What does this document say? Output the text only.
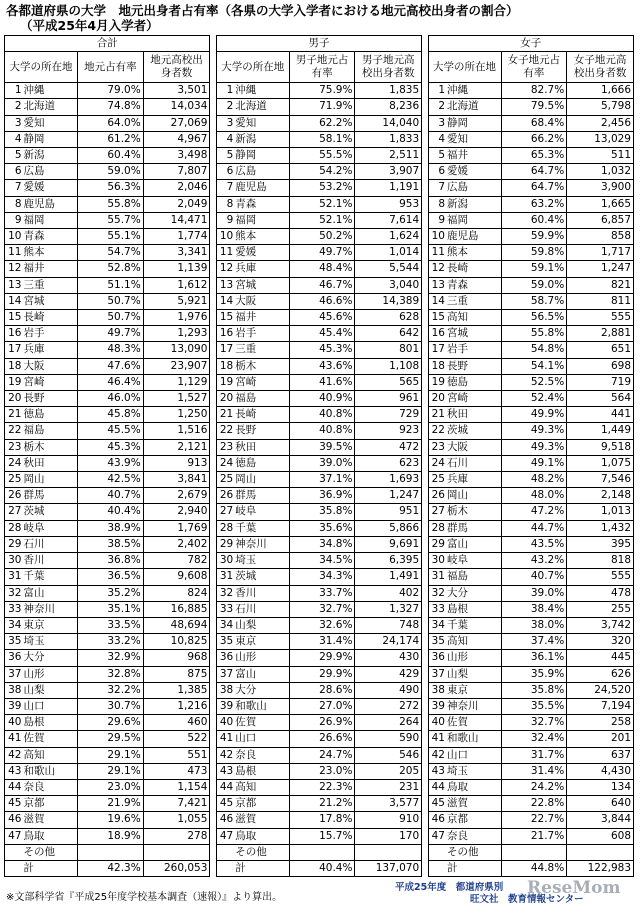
各都道府県の大学　地元出身者占有率（各県の大学入学者における地元高校出身者の割合）
（平成25年4月入学者）
合計					男子					女子			
大学の所在地		地元占有率	地元高校出身者数		大学の所在地		男子地元占有率	男子地元高校出身者数		大学の所在地		女子地元占有率	女子地元高校出身者数
1	沖縄	79.0%	3,501		1	沖縄	75.9%	1,835		1	沖縄	82.7%	1,666
2	北海道	74.8%	14,034		2	北海道	71.9%	8,236		2	北海道	79.5%	5,798
3	愛知	64.0%	27,069		3	愛知	62.2%	14,040		3	静岡	68.4%	2,456
4	静岡	61.2%	4,967		4	新潟	58.1%	1,833		4	愛知	66.2%	13,029
5	新潟	60.4%	3,498		5	静岡	55.5%	2,511		5	福井	65.3%	511
6	広島	59.0%	7,807		6	広島	54.2%	3,907		6	愛媛	64.7%	1,032
7	愛媛	56.3%	2,046		7	鹿児島	53.2%	1,191		7	広島	64.7%	3,900
8	鹿児島	55.8%	2,049		8	青森	52.1%	953		8	新潟	63.2%	1,665
9	福岡	55.7%	14,471		9	福岡	52.1%	7,614		9	福岡	60.4%	6,857
10	青森	55.1%	1,774		10	熊本	50.2%	1,624		10	鹿児島	59.9%	858
11	熊本	54.7%	3,341		11	愛媛	49.7%	1,014		11	熊本	59.8%	1,717
12	福井	52.8%	1,139		12	兵庫	48.4%	5,544		12	長崎	59.1%	1,247
13	三重	51.1%	1,612		13	宮城	46.7%	3,040		13	青森	59.0%	821
14	宮城	50.7%	5,921		14	大阪	46.6%	14,389		14	三重	58.7%	811
15	長崎	50.7%	1,976		15	福井	45.6%	628		15	高知	56.5%	555
16	岩手	49.7%	1,293		16	岩手	45.4%	642		16	宮城	55.8%	2,881
17	兵庫	48.3%	13,090		17	三重	45.3%	801		17	岩手	54.8%	651
18	大阪	47.6%	23,907		18	栃木	43.6%	1,108		18	長野	54.1%	698
19	宮崎	46.4%	1,129		19	宮崎	41.6%	565		19	徳島	52.5%	719
20	長野	46.0%	1,527		20	福島	40.9%	961		20	宮崎	52.4%	564
21	徳島	45.8%	1,250		21	長崎	40.8%	729		21	秋田	49.9%	441
22	福島	45.5%	1,516		22	長野	40.8%	923		22	茨城	49.3%	1,449
23	栃木	45.3%	2,121		23	秋田	39.5%	472		23	大阪	49.3%	9,518
24	秋田	43.9%	913		24	徳島	39.0%	623		24	石川	49.1%	1,075
25	岡山	42.5%	3,841		25	岡山	37.1%	1,693		25	兵庫	48.2%	7,546
26	群馬	40.7%	2,679		26	群馬	36.9%	1,247		26	岡山	48.0%	2,148
27	茨城	40.4%	2,940		27	岐阜	35.8%	951		27	栃木	47.2%	1,013
28	岐阜	38.9%	1,769		28	千葉	35.6%	5,866		28	群馬	44.7%	1,432
29	石川	38.5%	2,402		29	神奈川	34.8%	9,691		29	富山	43.5%	395
30	香川	36.8%	782		30	埼玉	34.5%	6,395		30	岐阜	43.2%	818
31	千葉	36.5%	9,608		31	茨城	34.3%	1,491		31	福島	40.7%	555
32	富山	35.2%	824		32	香川	33.7%	402		32	大分	39.0%	478
33	神奈川	35.1%	16,885		33	石川	32.7%	1,327		33	島根	38.4%	255
34	東京	33.5%	48,694		34	山梨	32.6%	748		34	千葉	38.0%	3,742
35	埼玉	33.2%	10,825		35	東京	31.4%	24,174		35	高知	37.4%	320
36	大分	32.9%	968		36	山形	29.9%	430		36	山形	36.1%	445
37	山形	32.8%	875		37	富山	29.9%	429		37	山梨	35.9%	626
38	山梨	32.2%	1,385		38	大分	28.6%	490		38	東京	35.8%	24,520
39	山口	30.7%	1,216		39	和歌山	27.0%	272		39	神奈川	35.5%	7,194
40	島根	29.6%	460		40	佐賀	26.9%	264		40	佐賀	32.7%	258
41	佐賀	29.5%	522		41	山口	26.6%	590		41	和歌山	32.4%	201
42	高知	29.1%	551		42	奈良	24.7%	546		42	山口	31.7%	637
43	和歌山	29.1%	473		43	島根	23.0%	205		43	埼玉	31.4%	4,430
44	奈良	23.0%	1,154		44	高知	22.3%	231		44	鳥取	24.2%	134
45	京都	21.9%	7,421		45	京都	21.2%	3,577		45	滋賀	22.8%	640
46	滋賀	19.6%	1,055		46	滋賀	17.8%	910		46	京都	22.7%	3,844
47	鳥取	18.9%	278		47	鳥取	15.7%	170		47	奈良	21.7%	608
	その他					その他					その他		
	計	42.3%	260,053			計	40.4%	137,070			計	44.8%	122,983
※文部科学省『平成25年度学校基本調査（速報）』より算出。
平成25年度　都道府県別
旺文社　教育情報センター
ReseMom
